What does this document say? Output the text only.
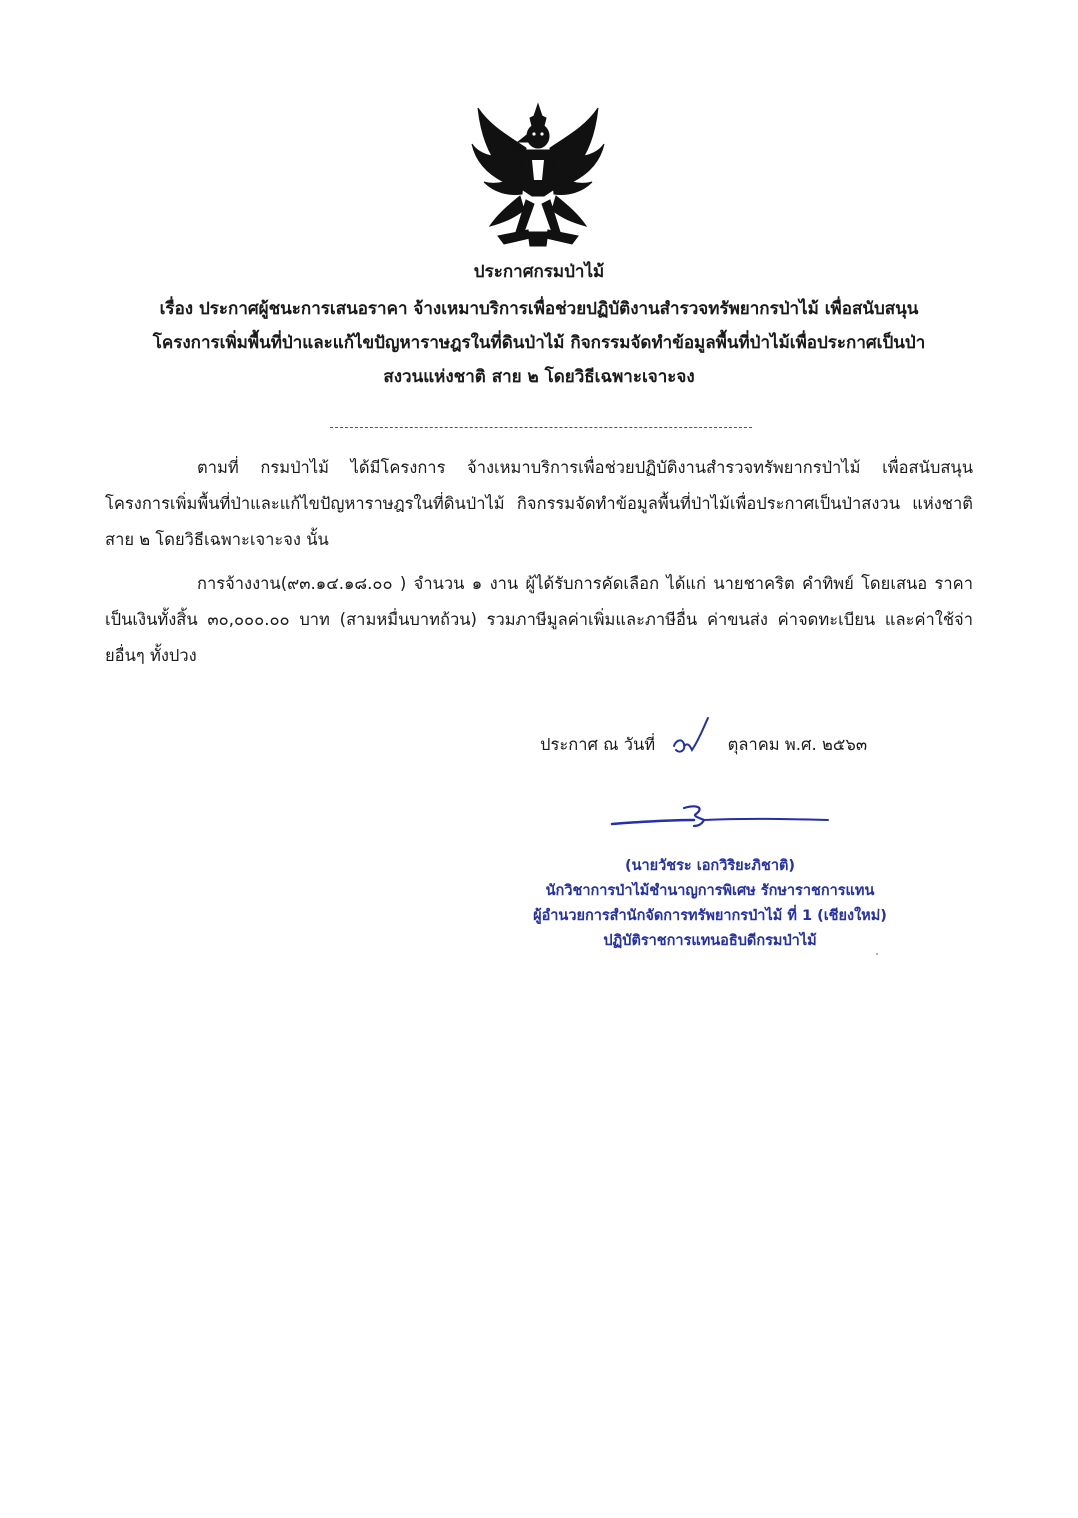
ประกาศกรมป่าไม้
เรื่อง ประกาศผู้ชนะการเสนอราคา จ้างเหมาบริการเพื่อช่วยปฏิบัติงานสำรวจทรัพยากรป่าไม้ เพื่อสนับสนุน
โครงการเพิ่มพื้นที่ป่าและแก้ไขปัญหาราษฎรในที่ดินป่าไม้ กิจกรรมจัดทำข้อมูลพื้นที่ป่าไม้เพื่อประกาศเป็นป่า
สงวนแห่งชาติ สาย ๒ โดยวิธีเฉพาะเจาะจง
ตามที่ กรมป่าไม้ ได้มีโครงการ จ้างเหมาบริการเพื่อช่วยปฏิบัติงานสำรวจทรัพยากรป่าไม้ เพื่อสนับสนุน โครงการเพิ่มพื้นที่ป่าและแก้ไขปัญหาราษฎรในที่ดินป่าไม้ กิจกรรมจัดทำข้อมูลพื้นที่ป่าไม้เพื่อประกาศเป็นป่าสงวน แห่งชาติ สาย ๒ โดยวิธีเฉพาะเจาะจง นั้น
การจ้างงาน(๙๓.๑๔.๑๘.๐๐ ) จำนวน ๑ งาน ผู้ได้รับการคัดเลือก ได้แก่ นายชาคริต คำทิพย์ โดยเสนอ ราคา เป็นเงินทั้งสิ้น ๓๐,๐๐๐.๐๐ บาท (สามหมื่นบาทถ้วน) รวมภาษีมูลค่าเพิ่มและภาษีอื่น ค่าขนส่ง ค่าจดทะเบียน และค่าใช้จ่ายอื่นๆ ทั้งปวง
ประกาศ ณ วันที่	ตุลาคม พ.ศ. ๒๕๖๓
(นายวัชระ เอกวิริยะภิชาติ)
นักวิชาการป่าไม้ชำนาญการพิเศษ รักษาราชการแทน
ผู้อำนวยการสำนักจัดการทรัพยากรป่าไม้ ที่ 1 (เชียงใหม่)
ปฏิบัติราชการแทนอธิบดีกรมป่าไม้
